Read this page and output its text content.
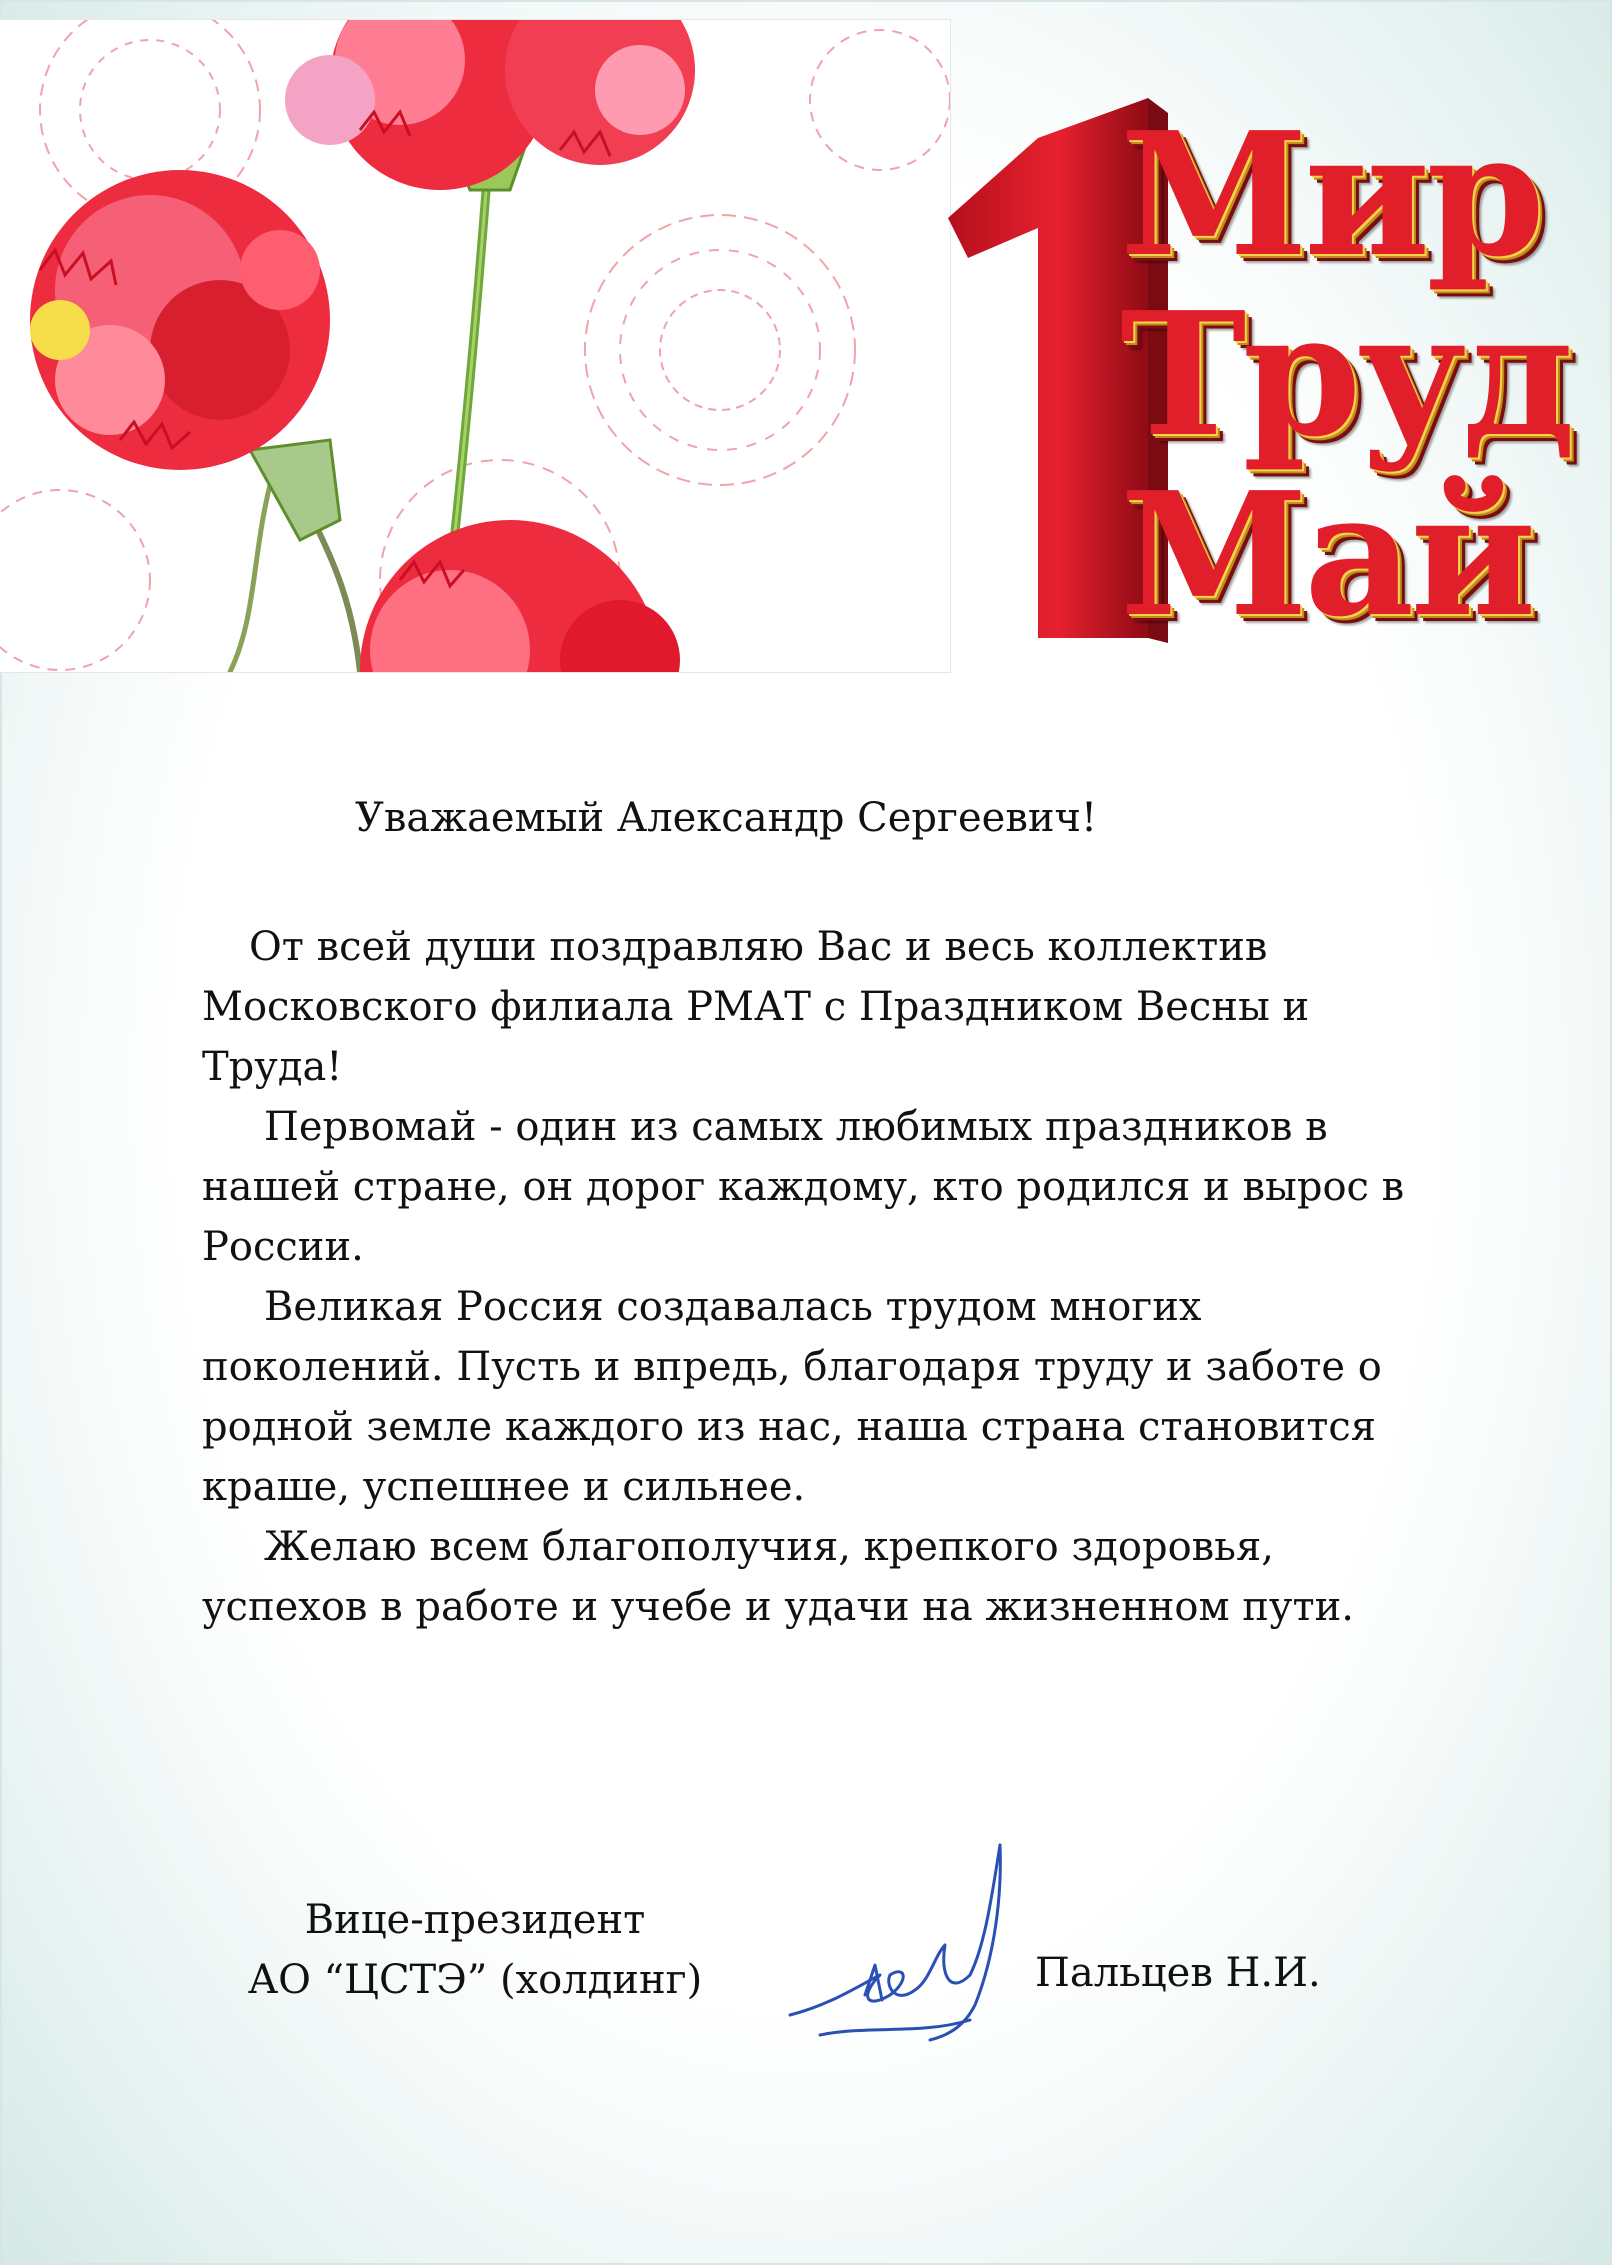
Мир
Труд
Май
Уважаемый Александр Сергеевич!

От всей души поздравляю Вас и весь коллектив Московского филиала РМАТ с Праздником Весны и Труда!

Первомай - один из самых любимых праздников в нашей стране, он дорог каждому, кто родился и вырос в России.

Великая Россия создавалась трудом многих поколений. Пусть и впредь, благодаря труду и заботе о родной земле каждого из нас, наша страна становится краше, успешнее и сильнее.

Желаю всем благополучия, крепкого здоровья, успехов в работе и учебе и удачи на жизненном пути.

Вице-президент
АО “ЦСТЭ” (холдинг)	Пальцев Н.И.
